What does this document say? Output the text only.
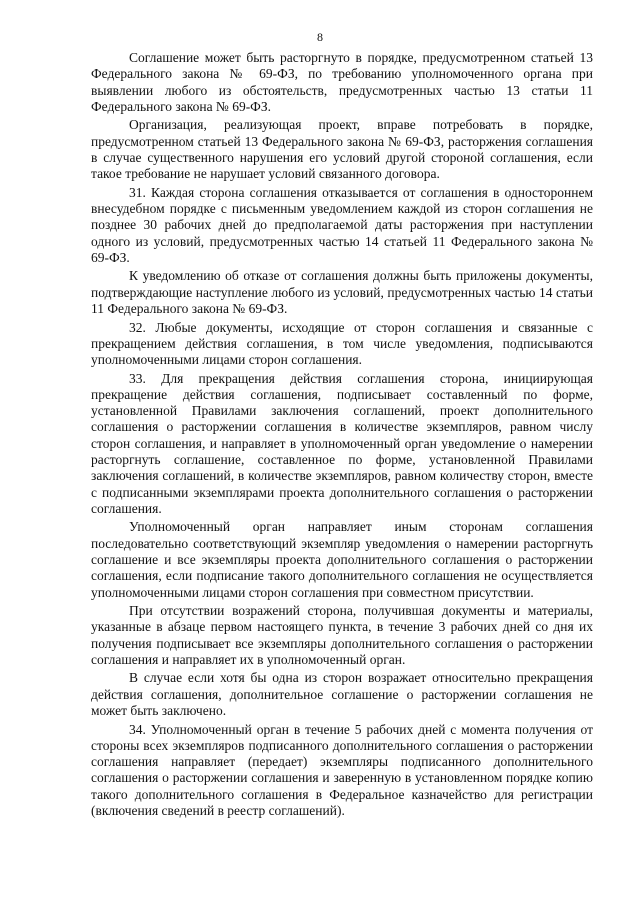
8

Соглашение может быть расторгнуто в порядке, предусмотренном статьей 13 Федерального закона № 69-ФЗ, по требованию уполномоченного органа при выявлении любого из обстоятельств, предусмотренных частью 13 статьи 11 Федерального закона № 69-ФЗ.

Организация, реализующая проект, вправе потребовать в порядке, предусмотренном статьей 13 Федерального закона № 69-ФЗ, расторжения соглашения в случае существенного нарушения его условий другой стороной соглашения, если такое требование не нарушает условий связанного договора.

31. Каждая сторона соглашения отказывается от соглашения в одностороннем внесудебном порядке с письменным уведомлением каждой из сторон соглашения не позднее 30 рабочих дней до предполагаемой даты расторжения при наступлении одного из условий, предусмотренных частью 14 статьей 11 Федерального закона № 69-ФЗ.

К уведомлению об отказе от соглашения должны быть приложены документы, подтверждающие наступление любого из условий, предусмотренных частью 14 статьи 11 Федерального закона № 69-ФЗ.

32. Любые документы, исходящие от сторон соглашения и связанные с прекращением действия соглашения, в том числе уведомления, подписываются уполномоченными лицами сторон соглашения.

33. Для прекращения действия соглашения сторона, инициирующая прекращение действия соглашения, подписывает составленный по форме, установленной Правилами заключения соглашений, проект дополнительного соглашения о расторжении соглашения в количестве экземпляров, равном числу сторон соглашения, и направляет в уполномоченный орган уведомление о намерении расторгнуть соглашение, составленное по форме, установленной Правилами заключения соглашений, в количестве экземпляров, равном количеству сторон, вместе с подписанными экземплярами проекта дополнительного соглашения о расторжении соглашения.

Уполномоченный орган направляет иным сторонам соглашения последовательно соответствующий экземпляр уведомления о намерении расторгнуть соглашение и все экземпляры проекта дополнительного соглашения о расторжении соглашения, если подписание такого дополнительного соглашения не осуществляется уполномоченными лицами сторон соглашения при совместном присутствии.

При отсутствии возражений сторона, получившая документы и материалы, указанные в абзаце первом настоящего пункта, в течение 3 рабочих дней со дня их получения подписывает все экземпляры дополнительного соглашения о расторжении соглашения и направляет их в уполномоченный орган.

В случае если хотя бы одна из сторон возражает относительно прекращения действия соглашения, дополнительное соглашение о расторжении соглашения не может быть заключено.

34. Уполномоченный орган в течение 5 рабочих дней с момента получения от стороны всех экземпляров подписанного дополнительного соглашения о расторжении соглашения направляет (передает) экземпляры подписанного дополнительного соглашения о расторжении соглашения и заверенную в установленном порядке копию такого дополнительного соглашения в Федеральное казначейство для регистрации (включения сведений в реестр соглашений).
